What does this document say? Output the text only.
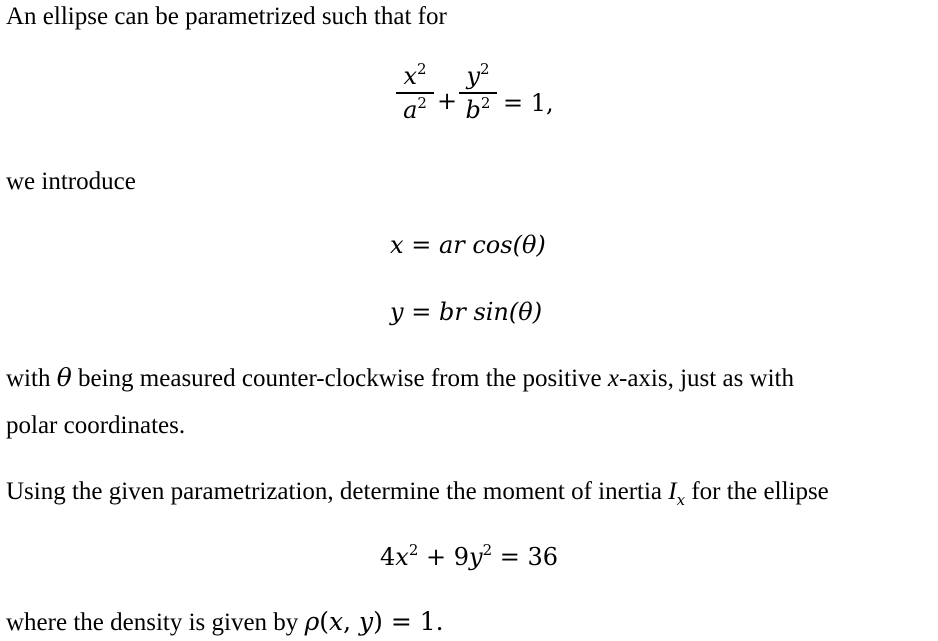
An ellipse can be parametrized such that for
$x^2$
$a^2$ +
$y^2$
$b^2 = 1$,
we introduce
x = ar cos(θ)
y = br sin(θ)
with θ being measured counter-clockwise from the positive x-axis, just as with
polar coordinates.
Using the given parametrization, determine the moment of inertia $I_x$ for the ellipse
$4x^2 + 9y^2 = 36$
where the density is given by ρ(x, y) = 1.
